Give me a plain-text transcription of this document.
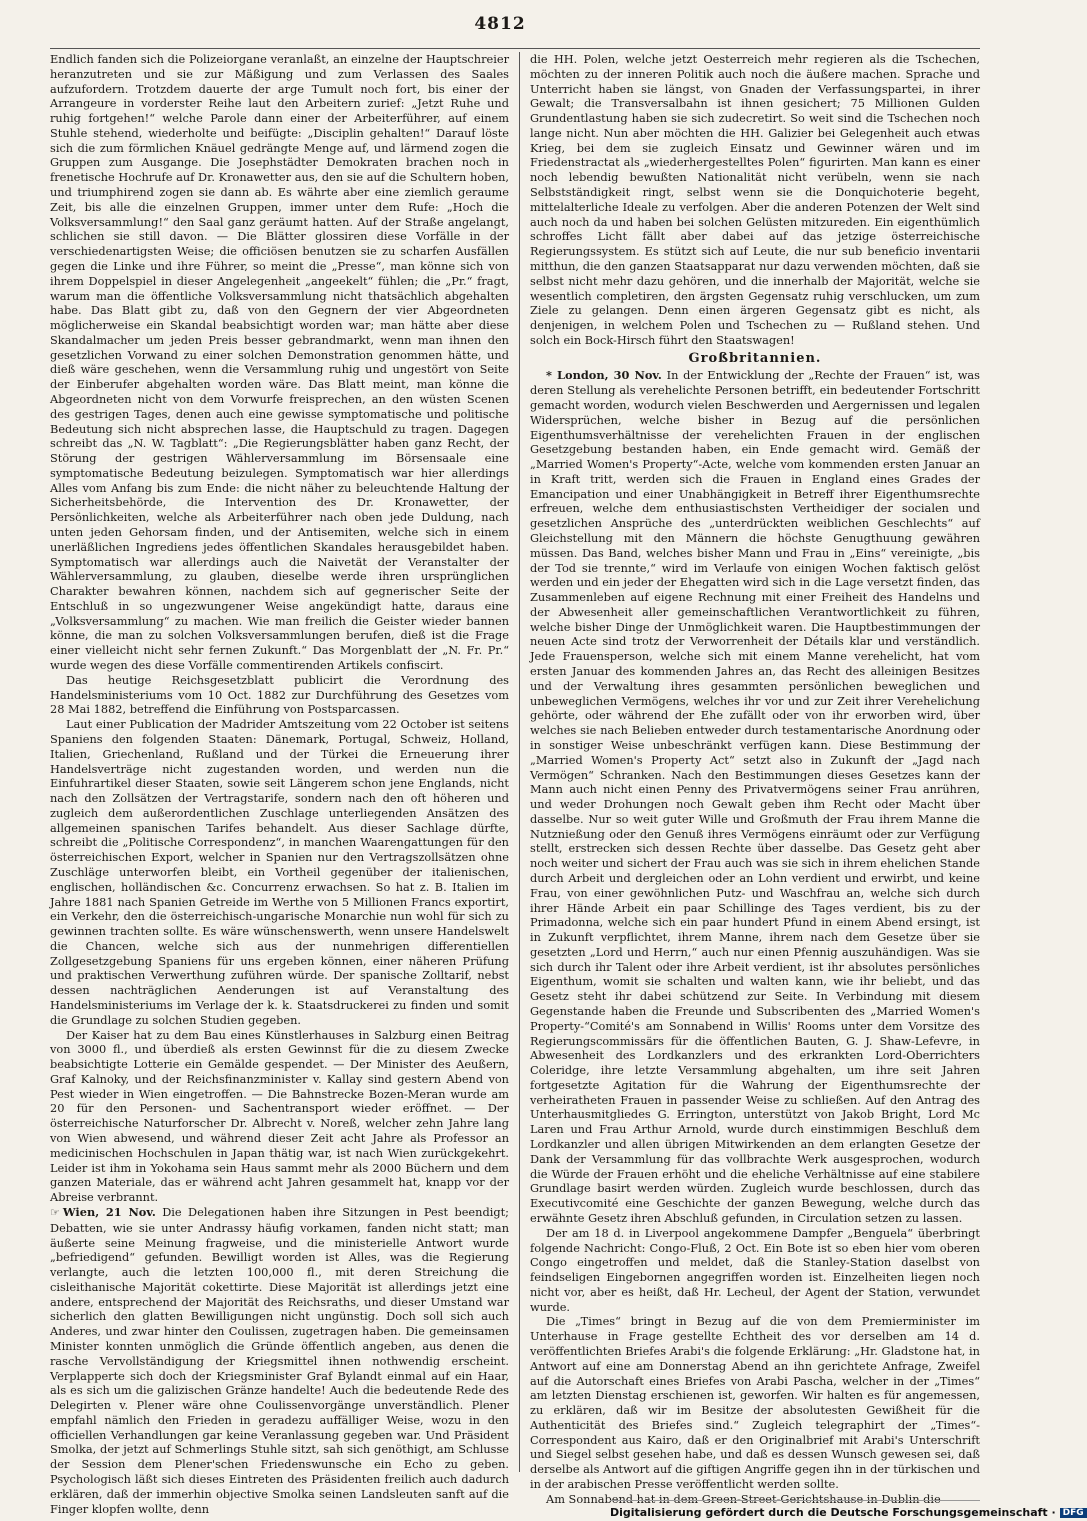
4812

Endlich fanden sich die Polizeiorgane veranlaßt, an einzelne der Hauptschreier heranzutreten und sie zur Mäßigung und zum Verlassen des Saales aufzufordern. Trotzdem dauerte der arge Tumult noch fort, bis einer der Arrangeure in vorderster Reihe laut den Arbeitern zurief: „Jetzt Ruhe und ruhig fortgehen!“ welche Parole dann einer der Arbeiterführer, auf einem Stuhle stehend, wiederholte und beifügte: „Disciplin gehalten!“ Darauf löste sich die zum förmlichen Knäuel gedrängte Menge auf, und lärmend zogen die Gruppen zum Ausgange. Die Josephstädter Demokraten brachen noch in frenetische Hochrufe auf Dr. Kronawetter aus, den sie auf die Schultern hoben, und triumphirend zogen sie dann ab. Es währte aber eine ziemlich geraume Zeit, bis alle die einzelnen Gruppen, immer unter dem Rufe: „Hoch die Volksversammlung!“ den Saal ganz geräumt hatten. Auf der Straße angelangt, schlichen sie still davon. — Die Blätter glossiren diese Vorfälle in der verschiedenartigsten Weise; die officiösen benutzen sie zu scharfen Ausfällen gegen die Linke und ihre Führer, so meint die „Presse“, man könne sich von ihrem Doppelspiel in dieser Angelegenheit „angeekelt“ fühlen; die „Pr.“ fragt, warum man die öffentliche Volksversammlung nicht thatsächlich abgehalten habe. Das Blatt gibt zu, daß von den Gegnern der vier Abgeordneten möglicherweise ein Skandal beabsichtigt worden war; man hätte aber diese Skandalmacher um jeden Preis besser gebrandmarkt, wenn man ihnen den gesetzlichen Vorwand zu einer solchen Demonstration genommen hätte, und dieß wäre geschehen, wenn die Versammlung ruhig und ungestört von Seite der Einberufer abgehalten worden wäre. Das Blatt meint, man könne die Abgeordneten nicht von dem Vorwurfe freisprechen, an den wüsten Scenen des gestrigen Tages, denen auch eine gewisse symptomatische und politische Bedeutung sich nicht absprechen lasse, die Hauptschuld zu tragen. Dagegen schreibt das „N. W. Tagblatt“: „Die Regierungsblätter haben ganz Recht, der Störung der gestrigen Wählerversammlung im Börsensaale eine symptomatische Bedeutung beizulegen. Symptomatisch war hier allerdings Alles vom Anfang bis zum Ende: die nicht näher zu beleuchtende Haltung der Sicherheitsbehörde, die Intervention des Dr. Kronawetter, der Persönlichkeiten, welche als Arbeiterführer nach oben jede Duldung, nach unten jeden Gehorsam finden, und der Antisemiten, welche sich in einem unerläßlichen Ingrediens jedes öffentlichen Skandales herausgebildet haben. Symptomatisch war allerdings auch die Naivetät der Veranstalter der Wählerversammlung, zu glauben, dieselbe werde ihren ursprünglichen Charakter bewahren können, nachdem sich auf gegnerischer Seite der Entschluß in so ungezwungener Weise angekündigt hatte, daraus eine „Volksversammlung“ zu machen. Wie man freilich die Geister wieder bannen könne, die man zu solchen Volksversammlungen berufen, dieß ist die Frage einer vielleicht nicht sehr fernen Zukunft.“ Das Morgenblatt der „N. Fr. Pr.“ wurde wegen des diese Vorfälle commentirenden Artikels confiscirt.

Das heutige Reichsgesetzblatt publicirt die Verordnung des Handelsministeriums vom 10 Oct. 1882 zur Durchführung des Gesetzes vom 28 Mai 1882, betreffend die Einführung von Postsparcassen.

Laut einer Publication der Madrider Amtszeitung vom 22 October ist seitens Spaniens den folgenden Staaten: Dänemark, Portugal, Schweiz, Holland, Italien, Griechenland, Rußland und der Türkei die Erneuerung ihrer Handelsverträge nicht zugestanden worden, und werden nun die Einfuhrartikel dieser Staaten, sowie seit Längerem schon jene Englands, nicht nach den Zollsätzen der Vertragstarife, sondern nach den oft höheren und zugleich dem außerordentlichen Zuschlage unterliegenden Ansätzen des allgemeinen spanischen Tarifes behandelt. Aus dieser Sachlage dürfte, schreibt die „Politische Correspondenz“, in manchen Waarengattungen für den österreichischen Export, welcher in Spanien nur den Vertragszollsätzen ohne Zuschläge unterworfen bleibt, ein Vortheil gegenüber der italienischen, englischen, holländischen &c. Concurrenz erwachsen. So hat z. B. Italien im Jahre 1881 nach Spanien Getreide im Werthe von 5 Millionen Francs exportirt, ein Verkehr, den die österreichisch-ungarische Monarchie nun wohl für sich zu gewinnen trachten sollte. Es wäre wünschenswerth, wenn unsere Handelswelt die Chancen, welche sich aus der nunmehrigen differentiellen Zollgesetzgebung Spaniens für uns ergeben können, einer näheren Prüfung und praktischen Verwerthung zuführen würde. Der spanische Zolltarif, nebst dessen nachträglichen Aenderungen ist auf Veranstaltung des Handelsministeriums im Verlage der k. k. Staatsdruckerei zu finden und somit die Grundlage zu solchen Studien gegeben.

Der Kaiser hat zu dem Bau eines Künstlerhauses in Salzburg einen Beitrag von 3000 fl., und überdieß als ersten Gewinnst für die zu diesem Zwecke beabsichtigte Lotterie ein Gemälde gespendet. — Der Minister des Aeußern, Graf Kalnoky, und der Reichsfinanzminister v. Kallay sind gestern Abend von Pest wieder in Wien eingetroffen. — Die Bahnstrecke Bozen-Meran wurde am 20 für den Personen- und Sachentransport wieder eröffnet. — Der österreichische Naturforscher Dr. Albrecht v. Noreß, welcher zehn Jahre lang von Wien abwesend, und während dieser Zeit acht Jahre als Professor an medicinischen Hochschulen in Japan thätig war, ist nach Wien zurückgekehrt. Leider ist ihm in Yokohama sein Haus sammt mehr als 2000 Büchern und dem ganzen Materiale, das er während acht Jahren gesammelt hat, knapp vor der Abreise verbrannt.

☞ Wien, 21 Nov. Die Delegationen haben ihre Sitzungen in Pest beendigt; Debatten, wie sie unter Andrassy häufig vorkamen, fanden nicht statt; man äußerte seine Meinung fragweise, und die ministerielle Antwort wurde „befriedigend“ gefunden. Bewilligt worden ist Alles, was die Regierung verlangte, auch die letzten 100,000 fl., mit deren Streichung die cisleithanische Majorität cokettirte. Diese Majorität ist allerdings jetzt eine andere, entsprechend der Majorität des Reichsraths, und dieser Umstand war sicherlich den glatten Bewilligungen nicht ungünstig. Doch soll sich auch Anderes, und zwar hinter den Coulissen, zugetragen haben. Die gemeinsamen Minister konnten unmöglich die Gründe öffentlich angeben, aus denen die rasche Vervollständigung der Kriegsmittel ihnen nothwendig erscheint. Verplapperte sich doch der Kriegsminister Graf Bylandt einmal auf ein Haar, als es sich um die galizischen Gränze handelte! Auch die bedeutende Rede des Delegirten v. Plener wäre ohne Coulissenvorgänge unverständlich. Plener empfahl nämlich den Frieden in geradezu auffälliger Weise, wozu in den officiellen Verhandlungen gar keine Veranlassung gegeben war. Und Präsident Smolka, der jetzt auf Schmerlings Stuhle sitzt, sah sich genöthigt, am Schlusse der Session dem Plener'schen Friedenswunsche ein Echo zu geben. Psychologisch läßt sich dieses Eintreten des Präsidenten freilich auch dadurch erklären, daß der immerhin objective Smolka seinen Landsleuten sanft auf die Finger klopfen wollte, denn

die HH. Polen, welche jetzt Oesterreich mehr regieren als die Tschechen, möchten zu der inneren Politik auch noch die äußere machen. Sprache und Unterricht haben sie längst, von Gnaden der Verfassungspartei, in ihrer Gewalt; die Transversalbahn ist ihnen gesichert; 75 Millionen Gulden Grundentlastung haben sie sich zudecretirt. So weit sind die Tschechen noch lange nicht. Nun aber möchten die HH. Galizier bei Gelegenheit auch etwas Krieg, bei dem sie zugleich Einsatz und Gewinner wären und im Friedenstractat als „wiederhergestelltes Polen“ figurirten. Man kann es einer noch lebendig bewußten Nationalität nicht verübeln, wenn sie nach Selbstständigkeit ringt, selbst wenn sie die Donquichoterie begeht, mittelalterliche Ideale zu verfolgen. Aber die anderen Potenzen der Welt sind auch noch da und haben bei solchen Gelüsten mitzureden. Ein eigenthümlich schroffes Licht fällt aber dabei auf das jetzige österreichische Regierungssystem. Es stützt sich auf Leute, die nur sub beneficio inventarii mitthun, die den ganzen Staatsapparat nur dazu verwenden möchten, daß sie selbst nicht mehr dazu gehören, und die innerhalb der Majorität, welche sie wesentlich completiren, den ärgsten Gegensatz ruhig verschlucken, um zum Ziele zu gelangen. Denn einen ärgeren Gegensatz gibt es nicht, als denjenigen, in welchem Polen und Tschechen zu — Rußland stehen. Und solch ein Bock-Hirsch führt den Staatswagen!

Großbritannien.

* London, 30 Nov. In der Entwicklung der „Rechte der Frauen“ ist, was deren Stellung als verehelichte Personen betrifft, ein bedeutender Fortschritt gemacht worden, wodurch vielen Beschwerden und Aergernissen und legalen Widersprüchen, welche bisher in Bezug auf die persönlichen Eigenthumsverhältnisse der verehelichten Frauen in der englischen Gesetzgebung bestanden haben, ein Ende gemacht wird. Gemäß der „Married Women's Property“-Acte, welche vom kommenden ersten Januar an in Kraft tritt, werden sich die Frauen in England eines Grades der Emancipation und einer Unabhängigkeit in Betreff ihrer Eigenthumsrechte erfreuen, welche dem enthusiastischsten Vertheidiger der socialen und gesetzlichen Ansprüche des „unterdrückten weiblichen Geschlechts“ auf Gleichstellung mit den Männern die höchste Genugthuung gewähren müssen. Das Band, welches bisher Mann und Frau in „Eins“ vereinigte, „bis der Tod sie trennte,“ wird im Verlaufe von einigen Wochen faktisch gelöst werden und ein jeder der Ehegatten wird sich in die Lage versetzt finden, das Zusammenleben auf eigene Rechnung mit einer Freiheit des Handelns und der Abwesenheit aller gemeinschaftlichen Verantwortlichkeit zu führen, welche bisher Dinge der Unmöglichkeit waren. Die Hauptbestimmungen der neuen Acte sind trotz der Verworrenheit der Détails klar und verständlich. Jede Frauensperson, welche sich mit einem Manne verehelicht, hat vom ersten Januar des kommenden Jahres an, das Recht des alleinigen Besitzes und der Verwaltung ihres gesammten persönlichen beweglichen und unbeweglichen Vermögens, welches ihr vor und zur Zeit ihrer Verehelichung gehörte, oder während der Ehe zufällt oder von ihr erworben wird, über welches sie nach Belieben entweder durch testamentarische Anordnung oder in sonstiger Weise unbeschränkt verfügen kann. Diese Bestimmung der „Married Women's Property Act“ setzt also in Zukunft der „Jagd nach Vermögen“ Schranken. Nach den Bestimmungen dieses Gesetzes kann der Mann auch nicht einen Penny des Privatvermögens seiner Frau anrühren, und weder Drohungen noch Gewalt geben ihm Recht oder Macht über dasselbe. Nur so weit guter Wille und Großmuth der Frau ihrem Manne die Nutznießung oder den Genuß ihres Vermögens einräumt oder zur Verfügung stellt, erstrecken sich dessen Rechte über dasselbe. Das Gesetz geht aber noch weiter und sichert der Frau auch was sie sich in ihrem ehelichen Stande durch Arbeit und dergleichen oder an Lohn verdient und erwirbt, und keine Frau, von einer gewöhnlichen Putz- und Waschfrau an, welche sich durch ihrer Hände Arbeit ein paar Schillinge des Tages verdient, bis zu der Primadonna, welche sich ein paar hundert Pfund in einem Abend ersingt, ist in Zukunft verpflichtet, ihrem Manne, ihrem nach dem Gesetze über sie gesetzten „Lord und Herrn,“ auch nur einen Pfennig auszuhändigen. Was sie sich durch ihr Talent oder ihre Arbeit verdient, ist ihr absolutes persönliches Eigenthum, womit sie schalten und walten kann, wie ihr beliebt, und das Gesetz steht ihr dabei schützend zur Seite. In Verbindung mit diesem Gegenstande haben die Freunde und Subscribenten des „Married Women's Property-“Comité's am Sonnabend in Willis' Rooms unter dem Vorsitze des Regierungscommissärs für die öffentlichen Bauten, G. J. Shaw-Lefevre, in Abwesenheit des Lordkanzlers und des erkrankten Lord-Oberrichters Coleridge, ihre letzte Versammlung abgehalten, um ihre seit Jahren fortgesetzte Agitation für die Wahrung der Eigenthumsrechte der verheiratheten Frauen in passender Weise zu schließen. Auf den Antrag des Unterhausmitgliedes G. Errington, unterstützt von Jakob Bright, Lord Mc Laren und Frau Arthur Arnold, wurde durch einstimmigen Beschluß dem Lordkanzler und allen übrigen Mitwirkenden an dem erlangten Gesetze der Dank der Versammlung für das vollbrachte Werk ausgesprochen, wodurch die Würde der Frauen erhöht und die eheliche Verhältnisse auf eine stabilere Grundlage basirt werden würden. Zugleich wurde beschlossen, durch das Executivcomité eine Geschichte der ganzen Bewegung, welche durch das erwähnte Gesetz ihren Abschluß gefunden, in Circulation setzen zu lassen.

Der am 18 d. in Liverpool angekommene Dampfer „Benguela“ überbringt folgende Nachricht: Congo-Fluß, 2 Oct. Ein Bote ist so eben hier vom oberen Congo eingetroffen und meldet, daß die Stanley-Station daselbst von feindseligen Eingebornen angegriffen worden ist. Einzelheiten liegen noch nicht vor, aber es heißt, daß Hr. Lecheul, der Agent der Station, verwundet wurde.

Die „Times“ bringt in Bezug auf die von dem Premierminister im Unterhause in Frage gestellte Echtheit des vor derselben am 14 d. veröffentlichten Briefes Arabi's die folgende Erklärung: „Hr. Gladstone hat, in Antwort auf eine am Donnerstag Abend an ihn gerichtete Anfrage, Zweifel auf die Autorschaft eines Briefes von Arabi Pascha, welcher in der „Times“ am letzten Dienstag erschienen ist, geworfen. Wir halten es für angemessen, zu erklären, daß wir im Besitze der absolutesten Gewißheit für die Authenticität des Briefes sind.“ Zugleich telegraphirt der „Times“-Correspondent aus Kairo, daß er den Originalbrief mit Arabi's Unterschrift und Siegel selbst gesehen habe, und daß es dessen Wunsch gewesen sei, daß derselbe als Antwort auf die giftigen Angriffe gegen ihn in der türkischen und in der arabischen Presse veröffentlicht werden sollte.

Am Sonnabend hat in dem Green-Street-Gerichtshause in Dublin die

Digitalisierung gefördert durch die Deutsche Forschungsgemeinschaft · DFG
